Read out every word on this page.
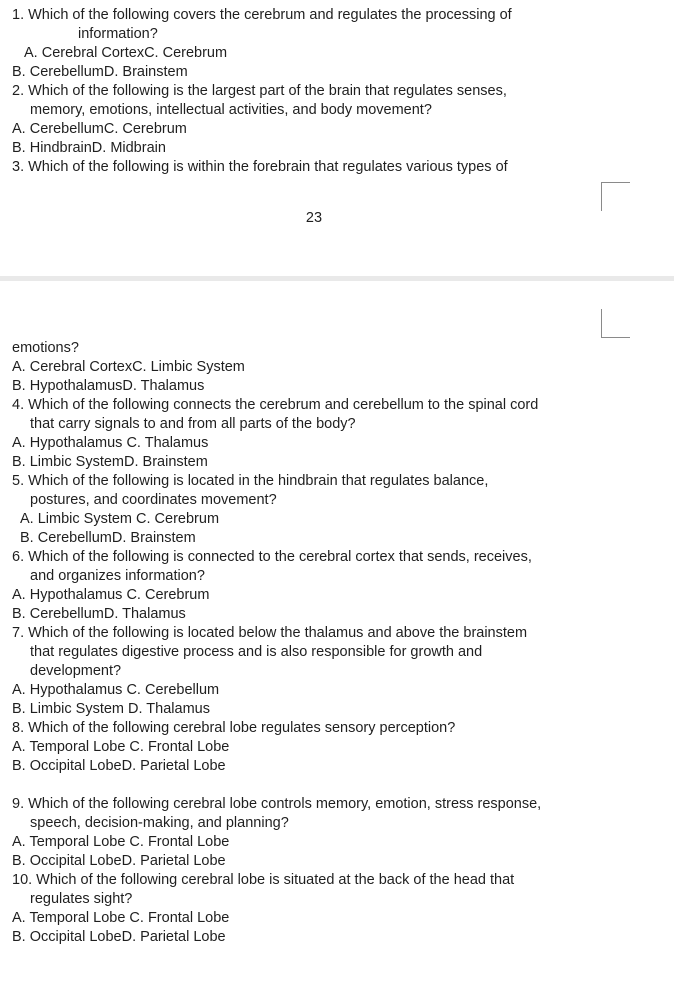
1. Which of the following covers the cerebrum and regulates the processing of
information?
A. Cerebral CortexC. Cerebrum
B. CerebellumD. Brainstem
2. Which of the following is the largest part of the brain that regulates senses,
memory, emotions, intellectual activities, and body movement?
A. CerebellumC. Cerebrum
B. HindbrainD. Midbrain
3. Which of the following is within the forebrain that regulates various types of
23
emotions?
A. Cerebral CortexC. Limbic System
B. HypothalamusD. Thalamus
4. Which of the following connects the cerebrum and cerebellum to the spinal cord
that carry signals to and from all parts of the body?
A. Hypothalamus C. Thalamus
B. Limbic SystemD. Brainstem
5. Which of the following is located in the hindbrain that regulates balance,
postures, and coordinates movement?
A. Limbic System C. Cerebrum
B. CerebellumD. Brainstem
6. Which of the following is connected to the cerebral cortex that sends, receives,
and organizes information?
A. Hypothalamus C. Cerebrum
B. CerebellumD. Thalamus
7. Which of the following is located below the thalamus and above the brainstem
that regulates digestive process and is also responsible for growth and
development?
A. Hypothalamus C. Cerebellum
B. Limbic System D. Thalamus
8. Which of the following cerebral lobe regulates sensory perception?
A. Temporal Lobe C. Frontal Lobe
B. Occipital LobeD. Parietal Lobe
9. Which of the following cerebral lobe controls memory, emotion, stress response,
speech, decision-making, and planning?
A. Temporal Lobe C. Frontal Lobe
B. Occipital LobeD. Parietal Lobe
10. Which of the following cerebral lobe is situated at the back of the head that
regulates sight?
A. Temporal Lobe C. Frontal Lobe
B. Occipital LobeD. Parietal Lobe
